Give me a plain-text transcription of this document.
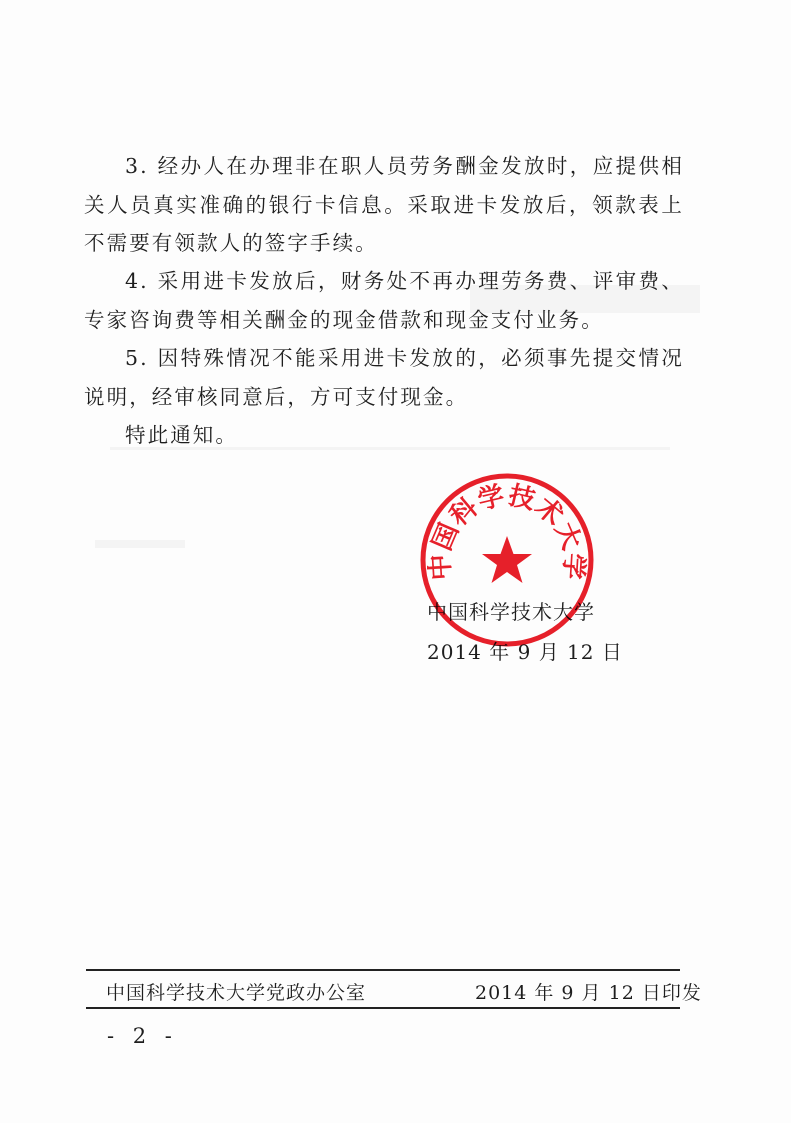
3. 经办人在办理非在职人员劳务酬金发放时，应提供相关人员真实准确的银行卡信息。采取进卡发放后，领款表上不需要有领款人的签字手续。

4. 采用进卡发放后，财务处不再办理劳务费、评审费、专家咨询费等相关酬金的现金借款和现金支付业务。

5. 因特殊情况不能采用进卡发放的，必须事先提交情况说明，经审核同意后，方可支付现金。

特此通知。

中国科学技术大学
2014 年 9 月 12 日
中国科学技术大学
中国科学技术大学党政办公室	2014 年 9 月 12 日印发
- 2 -
